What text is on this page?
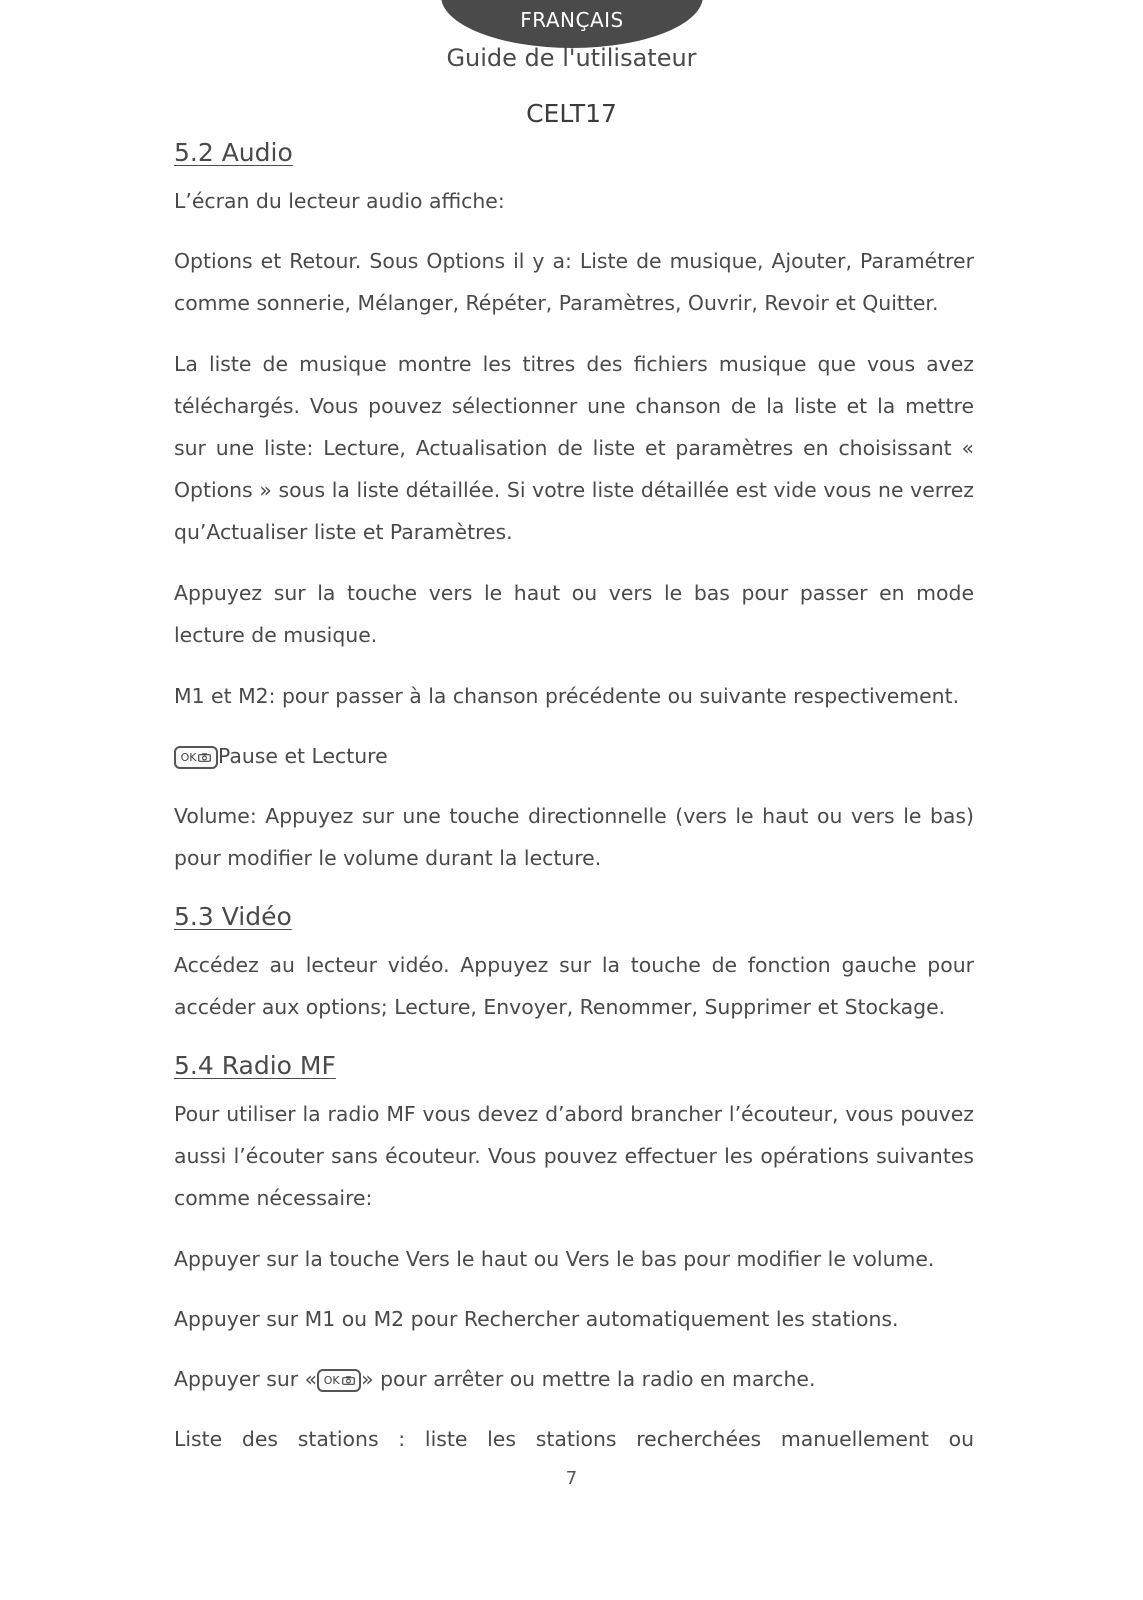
FRANÇAIS
Guide de l'utilisateur
CELT17
5.2 Audio

L’écran du lecteur audio affiche:

Options et Retour. Sous Options il y a: Liste de musique, Ajouter, Paramétrer comme sonnerie, Mélanger, Répéter, Paramètres, Ouvrir, Revoir et Quitter.

La liste de musique montre les titres des fichiers musique que vous avez téléchargés. Vous pouvez sélectionner une chanson de la liste et la mettre sur une liste: Lecture, Actualisation de liste et paramètres en choisissant « Options » sous la liste détaillée. Si votre liste détaillée est vide vous ne verrez qu’Actualiser liste et Paramètres.

Appuyez sur la touche vers le haut ou vers le bas pour passer en mode lecture de musique.

M1 et M2: pour passer à la chanson précédente ou suivante respectivement.

OK Pause et Lecture

Volume: Appuyez sur une touche directionnelle (vers le haut ou vers le bas) pour modifier le volume durant la lecture.

5.3 Vidéo

Accédez au lecteur vidéo. Appuyez sur la touche de fonction gauche pour accéder aux options; Lecture, Envoyer, Renommer, Supprimer et Stockage.

5.4 Radio MF

Pour utiliser la radio MF vous devez d’abord brancher l’écouteur, vous pouvez aussi l’écouter sans écouteur. Vous pouvez effectuer les opérations suivantes comme nécessaire:

Appuyer sur la touche Vers le haut ou Vers le bas pour modifier le volume.

Appuyer sur M1 ou M2 pour Rechercher automatiquement les stations.

Appuyer sur « OK » pour arrêter ou mettre la radio en marche.

Liste des stations : liste les stations recherchées manuellement ou

7
